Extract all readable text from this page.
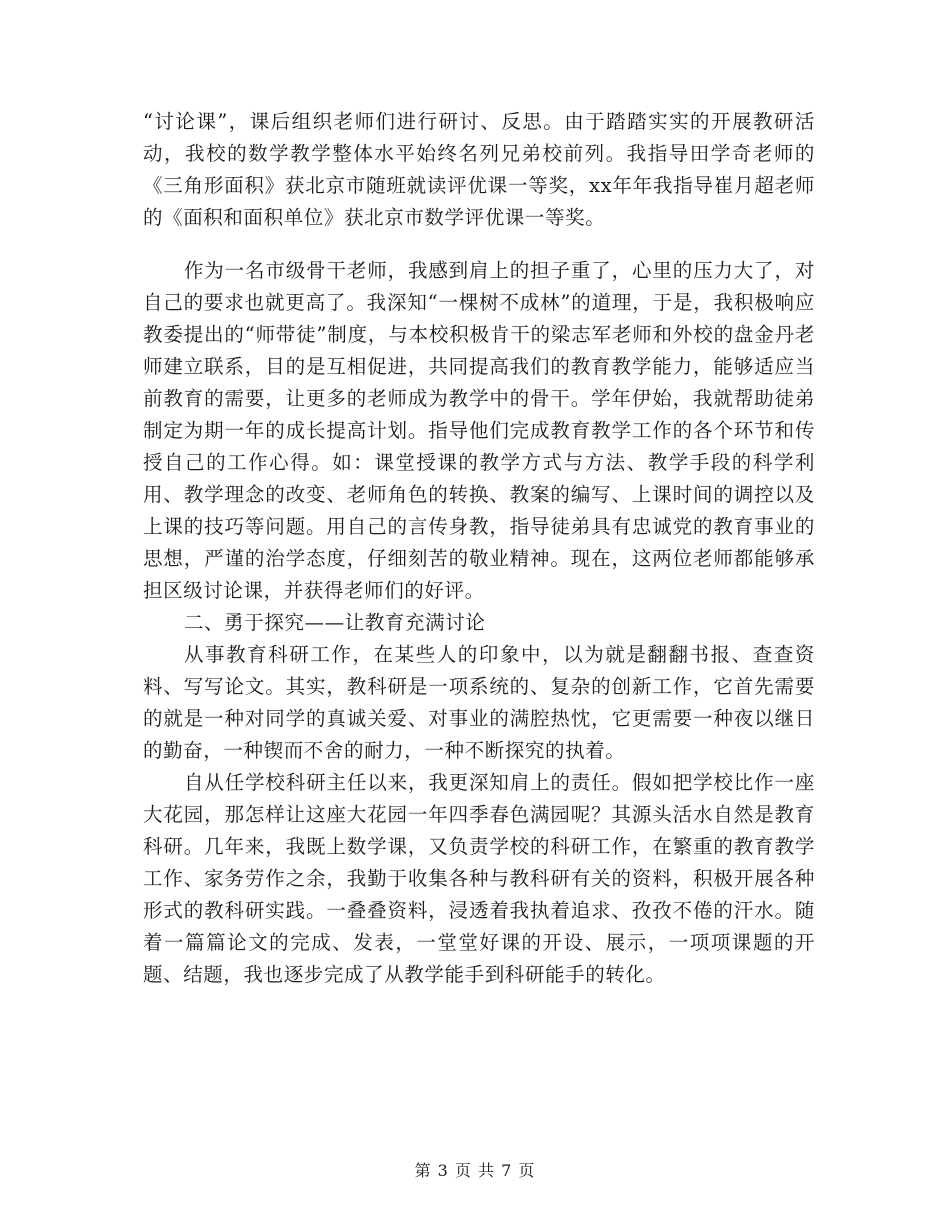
“讨论课”，课后组织老师们进行研讨、反思。由于踏踏实实的开展教研活动，我校的数学教学整体水平始终名列兄弟校前列。我指导田学奇老师的《三角形面积》获北京市随班就读评优课一等奖，xx年年我指导崔月超老师的《面积和面积单位》获北京市数学评优课一等奖。

作为一名市级骨干老师，我感到肩上的担子重了，心里的压力大了，对自己的要求也就更高了。我深知“一棵树不成林”的道理，于是，我积极响应教委提出的“师带徒”制度，与本校积极肯干的梁志军老师和外校的盘金丹老师建立联系，目的是互相促进，共同提高我们的教育教学能力，能够适应当前教育的需要，让更多的老师成为教学中的骨干。学年伊始，我就帮助徒弟制定为期一年的成长提高计划。指导他们完成教育教学工作的各个环节和传授自己的工作心得。如：课堂授课的教学方式与方法、教学手段的科学利用、教学理念的改变、老师角色的转换、教案的编写、上课时间的调控以及上课的技巧等问题。用自己的言传身教，指导徒弟具有忠诚党的教育事业的思想，严谨的治学态度，仔细刻苦的敬业精神。现在，这两位老师都能够承担区级讨论课，并获得老师们的好评。

二、勇于探究——让教育充满讨论

从事教育科研工作，在某些人的印象中，以为就是翻翻书报、查查资料、写写论文。其实，教科研是一项系统的、复杂的创新工作，它首先需要的就是一种对同学的真诚关爱、对事业的满腔热忱，它更需要一种夜以继日的勤奋，一种锲而不舍的耐力，一种不断探究的执着。

自从任学校科研主任以来，我更深知肩上的责任。假如把学校比作一座大花园，那怎样让这座大花园一年四季春色满园呢？其源头活水自然是教育科研。几年来，我既上数学课，又负责学校的科研工作，在繁重的教育教学工作、家务劳作之余，我勤于收集各种与教科研有关的资料，积极开展各种形式的教科研实践。一叠叠资料，浸透着我执着追求、孜孜不倦的汗水。随着一篇篇论文的完成、发表，一堂堂好课的开设、展示，一项项课题的开题、结题，我也逐步完成了从教学能手到科研能手的转化。

第 3 页 共 7 页
